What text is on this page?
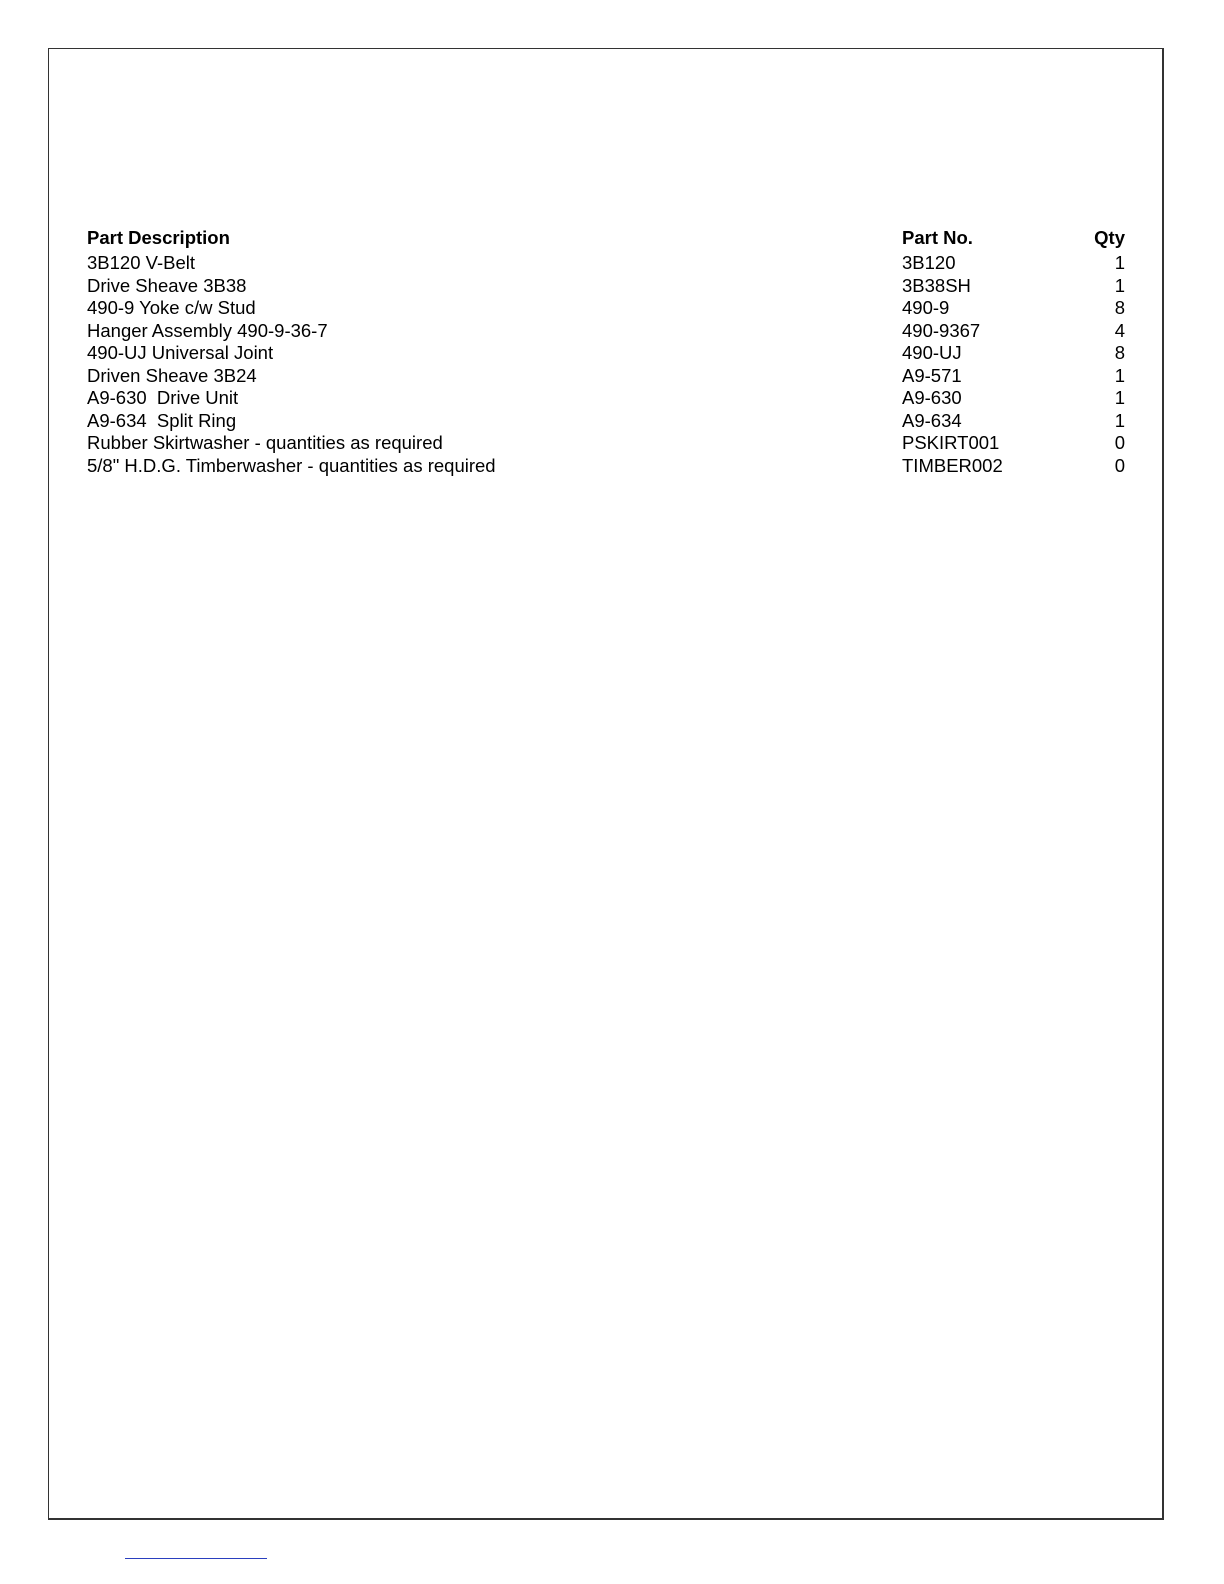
Part Description	Part No.	Qty
3B120 V-Belt	3B120	1
Drive Sheave 3B38	3B38SH	1
490-9 Yoke c/w Stud	490-9	8
Hanger Assembly 490-9-36-7	490-9367	4
490-UJ Universal Joint	490-UJ	8
Driven Sheave 3B24	A9-571	1
A9-630  Drive Unit	A9-630	1
A9-634  Split Ring	A9-634	1
Rubber Skirtwasher - quantities as required	PSKIRT001	0
5/8" H.D.G. Timberwasher - quantities as required	TIMBER002	0
